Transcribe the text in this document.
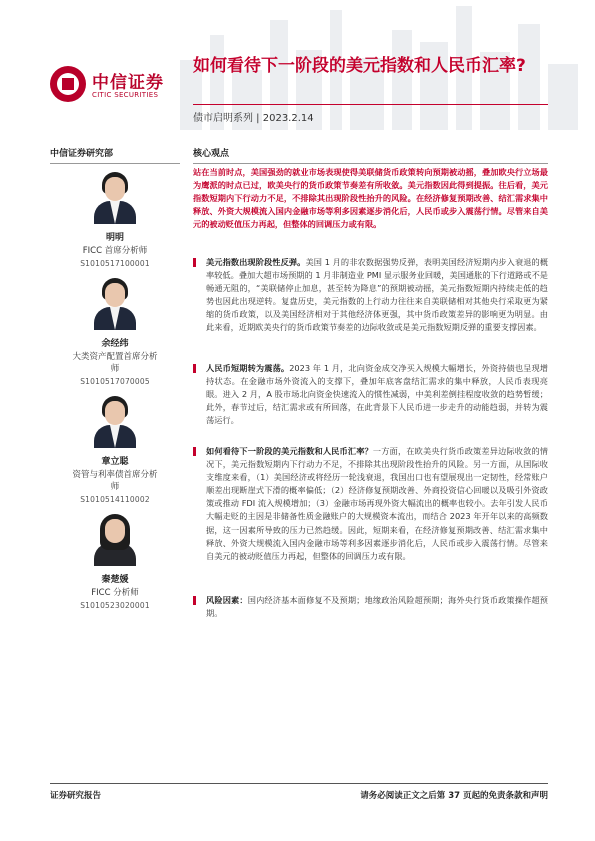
中信证券
CITIC SECURITIES
如何看待下一阶段的美元指数和人民币汇率?
债市启明系列 | 2023.2.14
中信证券研究部
明明
FICC 首席分析师
S1010517100001
余经纬
大类资产配置首席分析师
S1010517070005
章立聪
资管与利率债首席分析师
S1010514110002
秦楚媛
FICC 分析师
S1010523020001
核心观点
站在当前时点，美国强劲的就业市场表现使得美联储货币政策转向预期被动摇，叠加欧央行立场最为鹰派的时点已过，欧美央行的货币政策节奏差有所收敛。美元指数因此得到提振。往后看，美元指数短期内下行动力不足，不排除其出现阶段性抬升的风险。在经济修复预期改善、结汇需求集中释放、外资大规模流入国内金融市场等利多因素逐步消化后，人民币或步入震荡行情。尽管来自美元的被动贬值压力再起，但整体的回调压力或有限。
美元指数出现阶段性反弹。美国 1 月的非农数据强势反弹，表明美国经济短期内步入衰退的概率较低。叠加大超市场预期的 1 月非制造业 PMI 显示服务业回暖，美国通胀的下行道路或不是畅通无阻的，“美联储停止加息，甚至转为降息”的预期被动摇，美元指数短期内持续走低的趋势也因此出现逆转。复盘历史，美元指数的上行动力往往来自美联储相对其他央行采取更为紧缩的货币政策，以及美国经济相对于其他经济体更强，其中货币政策差异的影响更为明显。由此来看，近期欧美央行的货币政策节奏差的边际收敛或是美元指数短期反弹的重要支撑因素。
人民币短期转为震荡。2023 年 1 月，北向资金成交净买入规模大幅增长，外资持债也呈现增持状态。在金融市场外资流入的支撑下，叠加年底客盘结汇需求的集中释放，人民币表现亮眼。进入 2 月，A 股市场北向资金快速流入的惯性减弱，中美利差倒挂程度收敛的趋势暂缓；此外，春节过后，结汇需求或有所回落，在此背景下人民币进一步走升的动能趋弱，并转为震荡运行。
如何看待下一阶段的美元指数和人民币汇率？一方面，在欧美央行货币政策差异边际收敛的情况下，美元指数短期内下行动力不足，不排除其出现阶段性抬升的风险。另一方面，从国际收支维度来看，（1）美国经济或将经历一轮浅衰退，我国出口也有望展现出一定韧性，经常账户顺差出现断崖式下滑的概率偏低；（2）经济修复预期改善、外商投资信心回暖以及吸引外资政策或推动 FDI 流入规模增加；（3）金融市场再现外资大幅流出的概率也较小。去年引发人民币大幅走贬的主因是非储备性质金融账户的大规模资本流出，而结合 2023 年开年以来的高频数据，这一因素所导致的压力已然趋缓。因此，短期来看，在经济修复预期改善、结汇需求集中释放、外资大规模流入国内金融市场等利多因素逐步消化后，人民币或步入震荡行情。尽管来自美元的被动贬值压力再起，但整体的回调压力或有限。
风险因素：国内经济基本面修复不及预期；地缘政治风险超预期；海外央行货币政策操作超预期。
证券研究报告	请务必阅读正文之后第 37 页起的免责条款和声明
